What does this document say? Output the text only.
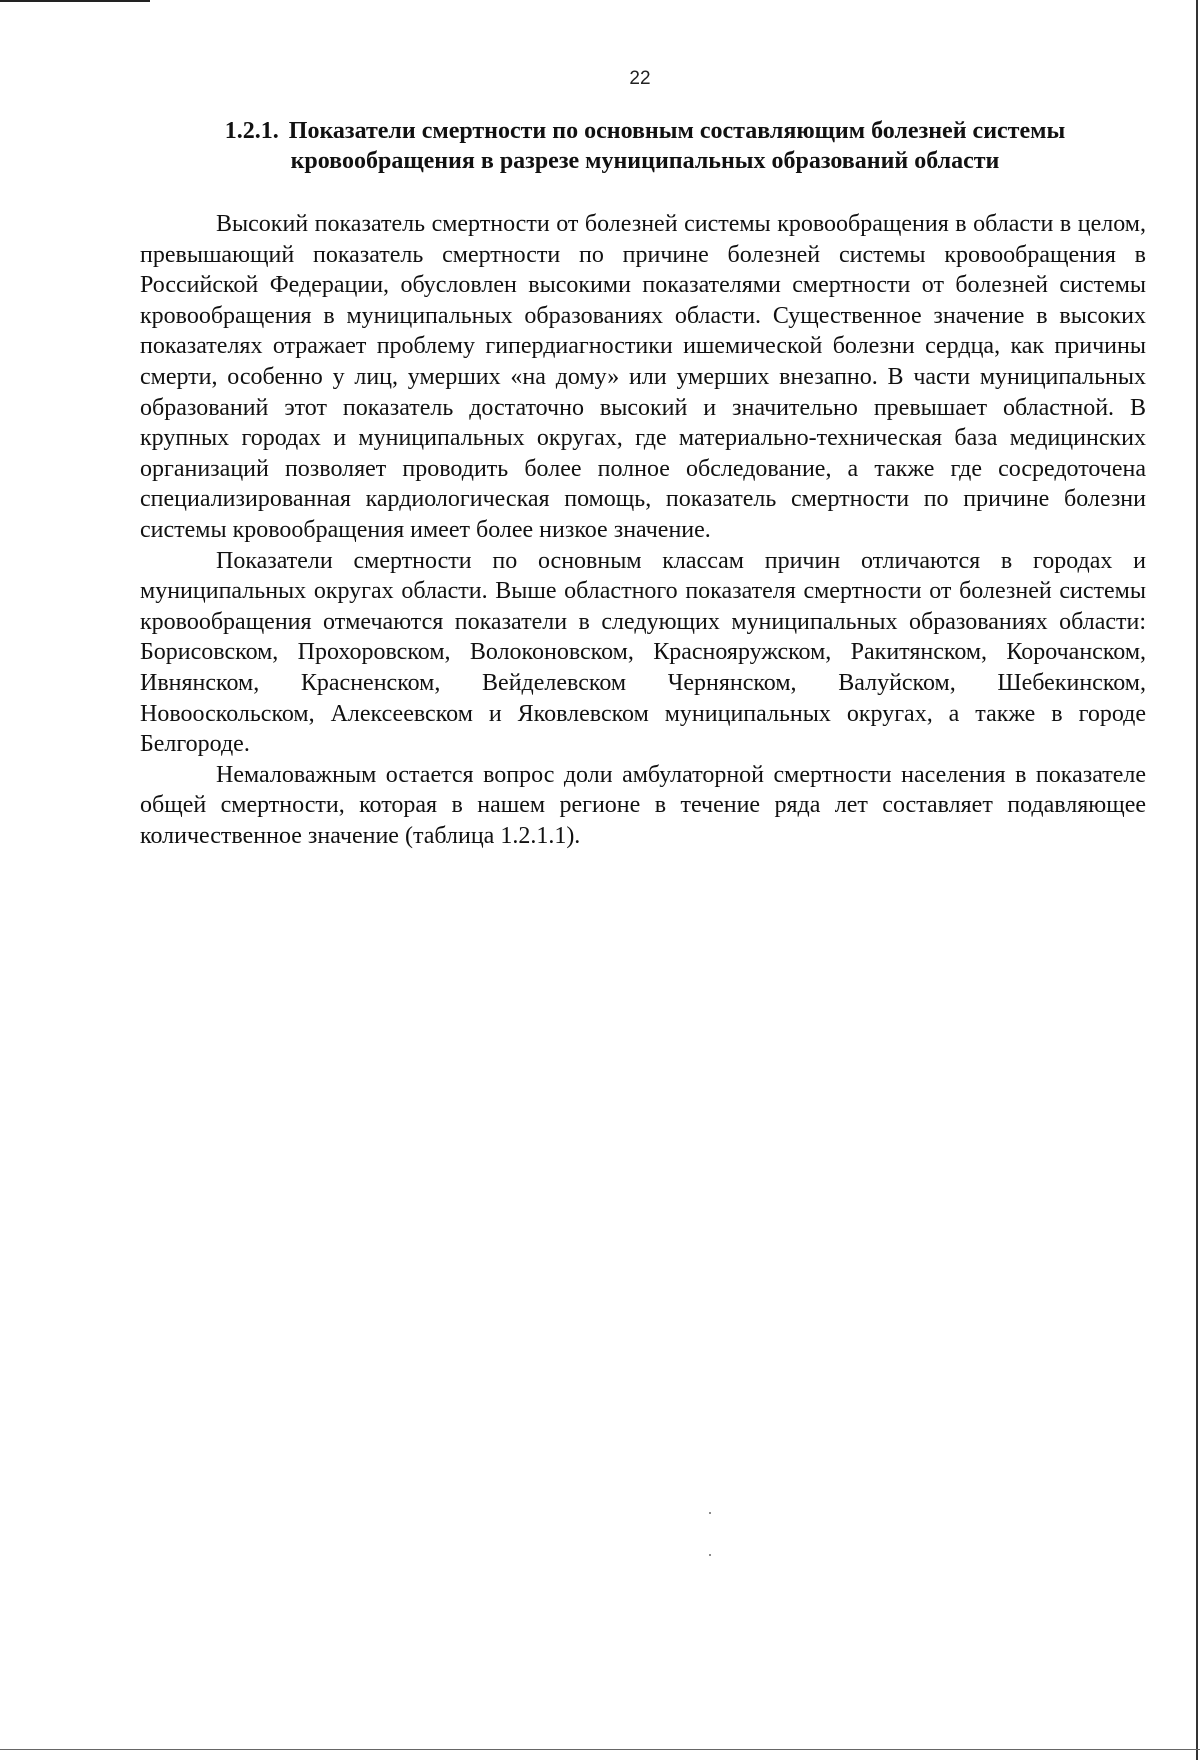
22
1.2.1. Показатели смертности по основным составляющим болезней системы кровообращения в разрезе муниципальных образований области

Высокий показатель смертности от болезней системы кровообращения в области в целом, превышающий показатель смертности по причине болезней системы кровообращения в Российской Федерации, обусловлен высокими показателями смертности от болезней системы кровообращения в муниципальных образованиях области. Существенное значение в высоких показателях отражает проблему гипердиагностики ишемической болезни сердца, как причины смерти, особенно у лиц, умерших «на дому» или умерших внезапно. В части муниципальных образований этот показатель достаточно высокий и значительно превышает областной. В крупных городах и муниципальных округах, где материально-техническая база медицинских организаций позволяет проводить более полное обследование, а также где сосредоточена специализированная кардиологическая помощь, показатель смертности по причине болезни системы кровообращения имеет более низкое значение.

Показатели смертности по основным классам причин отличаются в городах и муниципальных округах области. Выше областного показателя смертности от болезней системы кровообращения отмечаются показатели в следующих муниципальных образованиях области: Борисовском, Прохоровском, Волоконовском, Краснояружском, Ракитянском, Корочанском, Ивнянском, Красненском, Вейделевском Чернянском, Валуйском, Шебекинском, Новооскольском, Алексеевском и Яковлевском муниципальных округах, а также в городе Белгороде.

Немаловажным остается вопрос доли амбулаторной смертности населения в показателе общей смертности, которая в нашем регионе в течение ряда лет составляет подавляющее количественное значение (таблица 1.2.1.1).
